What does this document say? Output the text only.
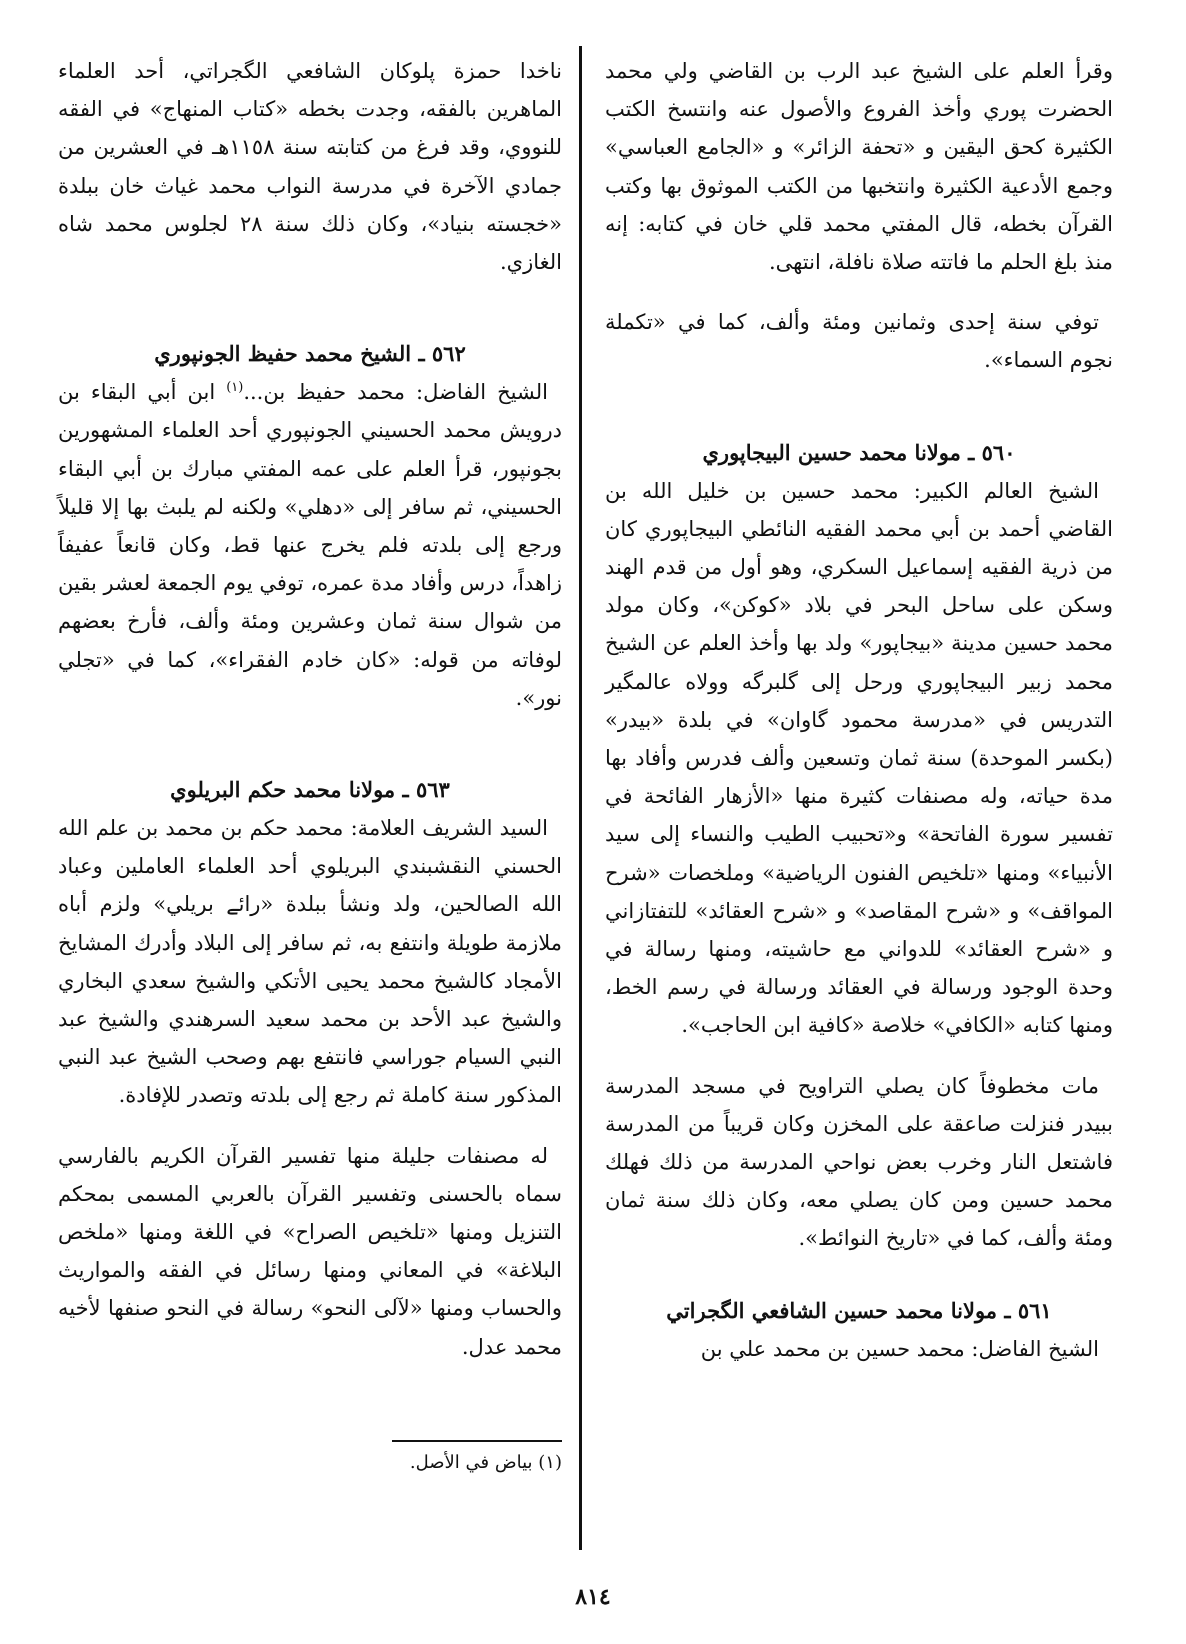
وقرأ العلم على الشيخ عبد الرب بن القاضي ولي محمد الحضرت پوري وأخذ الفروع والأصول عنه وانتسخ الكتب الكثيرة كحق اليقين و «تحفة الزائر» و «الجامع العباسي» وجمع الأدعية الكثيرة وانتخبها من الكتب الموثوق بها وكتب القرآن بخطه، قال المفتي محمد قلي خان في كتابه: إنه منذ بلغ الحلم ما فاتته صلاة نافلة، انتهى.

توفي سنة إحدى وثمانين ومئة وألف، كما في «تكملة نجوم السماء».

٥٦٠ ـ مولانا محمد حسين البيجاپوري

الشيخ العالم الكبير: محمد حسين بن خليل الله بن القاضي أحمد بن أبي محمد الفقيه النائطي البيجاپوري كان من ذرية الفقيه إسماعيل السكري، وهو أول من قدم الهند وسكن على ساحل البحر في بلاد «كوكن»، وكان مولد محمد حسين مدينة «بيجاپور» ولد بها وأخذ العلم عن الشيخ محمد زبير البيجاپوري ورحل إلى گلبرگه وولاه عالمگير التدريس في «مدرسة محمود گاوان» في بلدة «بيدر» (بكسر الموحدة) سنة ثمان وتسعين وألف فدرس وأفاد بها مدة حياته، وله مصنفات كثيرة منها «الأزهار الفائحة في تفسير سورة الفاتحة» و«تحبيب الطيب والنساء إلى سيد الأنبياء» ومنها «تلخيص الفنون الرياضية» وملخصات «شرح المواقف» و «شرح المقاصد» و «شرح العقائد» للتفتازاني و «شرح العقائد» للدواني مع حاشيته، ومنها رسالة في وحدة الوجود ورسالة في العقائد ورسالة في رسم الخط، ومنها كتابه «الكافي» خلاصة «كافية ابن الحاجب».

مات مخطوفاً كان يصلي التراويح في مسجد المدرسة ببيدر فنزلت صاعقة على المخزن وكان قريباً من المدرسة فاشتعل النار وخرب بعض نواحي المدرسة من ذلك فهلك محمد حسين ومن كان يصلي معه، وكان ذلك سنة ثمان ومئة وألف، كما في «تاريخ النوائط».

٥٦١ ـ مولانا محمد حسين الشافعي الگجراتي

الشيخ الفاضل: محمد حسين بن محمد علي بن

ناخدا حمزة پلوكان الشافعي الگجراتي، أحد العلماء الماهرين بالفقه، وجدت بخطه «كتاب المنهاج» في الفقه للنووي، وقد فرغ من كتابته سنة ١١٥٨هـ في العشرين من جمادي الآخرة في مدرسة النواب محمد غياث خان ببلدة «خجسته بنياد»، وكان ذلك سنة ٢٨ لجلوس محمد شاه الغازي.

٥٦٢ ـ الشيخ محمد حفيظ الجونپوري

الشيخ الفاضل: محمد حفيظ بن...$^{(١)}$ ابن أبي البقاء بن درويش محمد الحسيني الجونپوري أحد العلماء المشهورين بجونپور، قرأ العلم على عمه المفتي مبارك بن أبي البقاء الحسيني، ثم سافر إلى «دهلي» ولكنه لم يلبث بها إلا قليلاً ورجع إلى بلدته فلم يخرج عنها قط، وكان قانعاً عفيفاً زاهداً، درس وأفاد مدة عمره، توفي يوم الجمعة لعشر بقين من شوال سنة ثمان وعشرين ومئة وألف، فأرخ بعضهم لوفاته من قوله: «كان خادم الفقراء»، كما في «تجلي نور».

٥٦٣ ـ مولانا محمد حكم البريلوي

السيد الشريف العلامة: محمد حكم بن محمد بن علم الله الحسني النقشبندي البريلوي أحد العلماء العاملين وعباد الله الصالحين، ولد ونشأ ببلدة «رائے بريلي» ولزم أباه ملازمة طويلة وانتفع به، ثم سافر إلى البلاد وأدرك المشايخ الأمجاد كالشيخ محمد يحيى الأتكي والشيخ سعدي البخاري والشيخ عبد الأحد بن محمد سعيد السرهندي والشيخ عبد النبي السيام جوراسي فانتفع بهم وصحب الشيخ عبد النبي المذكور سنة كاملة ثم رجع إلى بلدته وتصدر للإفادة.

له مصنفات جليلة منها تفسير القرآن الكريم بالفارسي سماه بالحسنى وتفسير القرآن بالعربي المسمى بمحكم التنزيل ومنها «تلخيص الصراح» في اللغة ومنها «ملخص البلاغة» في المعاني ومنها رسائل في الفقه والمواريث والحساب ومنها «لآلى النحو» رسالة في النحو صنفها لأخيه محمد عدل.

(١) بياض في الأصل.
٨١٤
